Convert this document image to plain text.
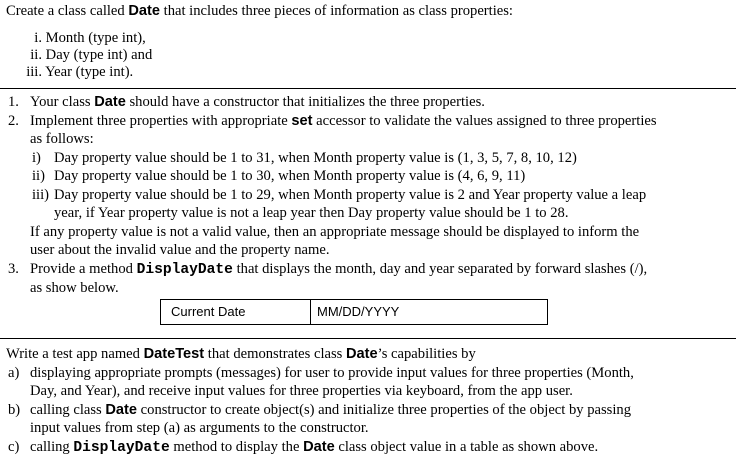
Create a class called Date that includes three pieces of information as class properties:
i. Month (type int),
ii. Day (type int) and
iii. Year (type int).
1. Your class Date should have a constructor that initializes the three properties.
2. Implement three properties with appropriate set accessor to validate the values assigned to three properties
as follows:
i) Day property value should be 1 to 31, when Month property value is (1, 3, 5, 7, 8, 10, 12)
ii) Day property value should be 1 to 30, when Month property value is (4, 6, 9, 11)
iii) Day property value should be 1 to 29, when Month property value is 2 and Year property value a leap
year, if Year property value is not a leap year then Day property value should be 1 to 28.
If any property value is not a valid value, then an appropriate message should be displayed to inform the
user about the invalid value and the property name.
3. Provide a method DisplayDate that displays the month, day and year separated by forward slashes (/),
as show below.
Current Date	MM/DD/YYYY
Write a test app named DateTest that demonstrates class Date’s capabilities by
a) displaying appropriate prompts (messages) for user to provide input values for three properties (Month,
Day, and Year), and receive input values for three properties via keyboard, from the app user.
b) calling class Date constructor to create object(s) and initialize three properties of the object by passing
input values from step (a) as arguments to the constructor.
c) calling DisplayDate method to display the Date class object value in a table as shown above.
